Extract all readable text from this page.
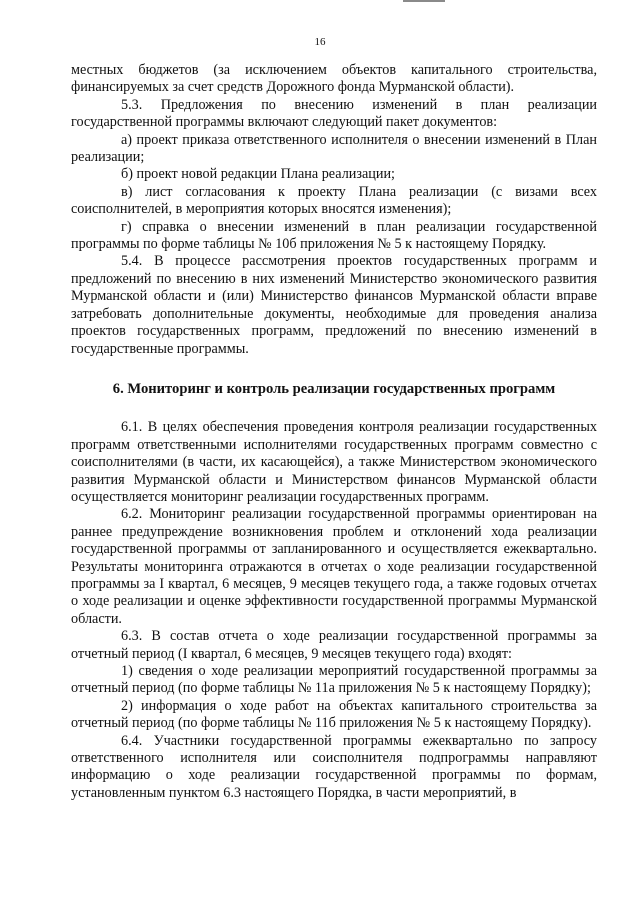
16

местных бюджетов (за исключением объектов капитального строительства, финансируемых за счет средств Дорожного фонда Мурманской области).

5.3. Предложения по внесению изменений в план реализации государственной программы включают следующий пакет документов:

а) проект приказа ответственного исполнителя о внесении изменений в План реализации;

б) проект новой редакции Плана реализации;

в) лист согласования к проекту Плана реализации (с визами всех соисполнителей, в мероприятия которых вносятся изменения);

г) справка о внесении изменений в план реализации государственной программы по форме таблицы № 10б приложения № 5 к настоящему Порядку.

5.4. В процессе рассмотрения проектов государственных программ и предложений по внесению в них изменений Министерство экономического развития Мурманской области и (или) Министерство финансов Мурманской области вправе затребовать дополнительные документы, необходимые для проведения анализа проектов государственных программ, предложений по внесению изменений в государственные программы.

6. Мониторинг и контроль реализации государственных программ

6.1. В целях обеспечения проведения контроля реализации государственных программ ответственными исполнителями государственных программ совместно с соисполнителями (в части, их касающейся), а также Министерством экономического развития Мурманской области и Министерством финансов Мурманской области осуществляется мониторинг реализации государственных программ.

6.2. Мониторинг реализации государственной программы ориентирован на раннее предупреждение возникновения проблем и отклонений хода реализации государственной программы от запланированного и осуществляется ежеквартально. Результаты мониторинга отражаются в отчетах о ходе реализации государственной программы за I квартал, 6 месяцев, 9 месяцев текущего года, а также годовых отчетах о ходе реализации и оценке эффективности государственной программы Мурманской области.

6.3. В состав отчета о ходе реализации государственной программы за отчетный период (I квартал, 6 месяцев, 9 месяцев текущего года) входят:

1) сведения о ходе реализации мероприятий государственной программы за отчетный период (по форме таблицы № 11а приложения № 5 к настоящему Порядку);

2) информация о ходе работ на объектах капитального строительства за отчетный период (по форме таблицы № 11б приложения № 5 к настоящему Порядку).

6.4. Участники государственной программы ежеквартально по запросу ответственного исполнителя или соисполнителя подпрограммы направляют информацию о ходе реализации государственной программы по формам, установленным пунктом 6.3 настоящего Порядка, в части мероприятий, в
